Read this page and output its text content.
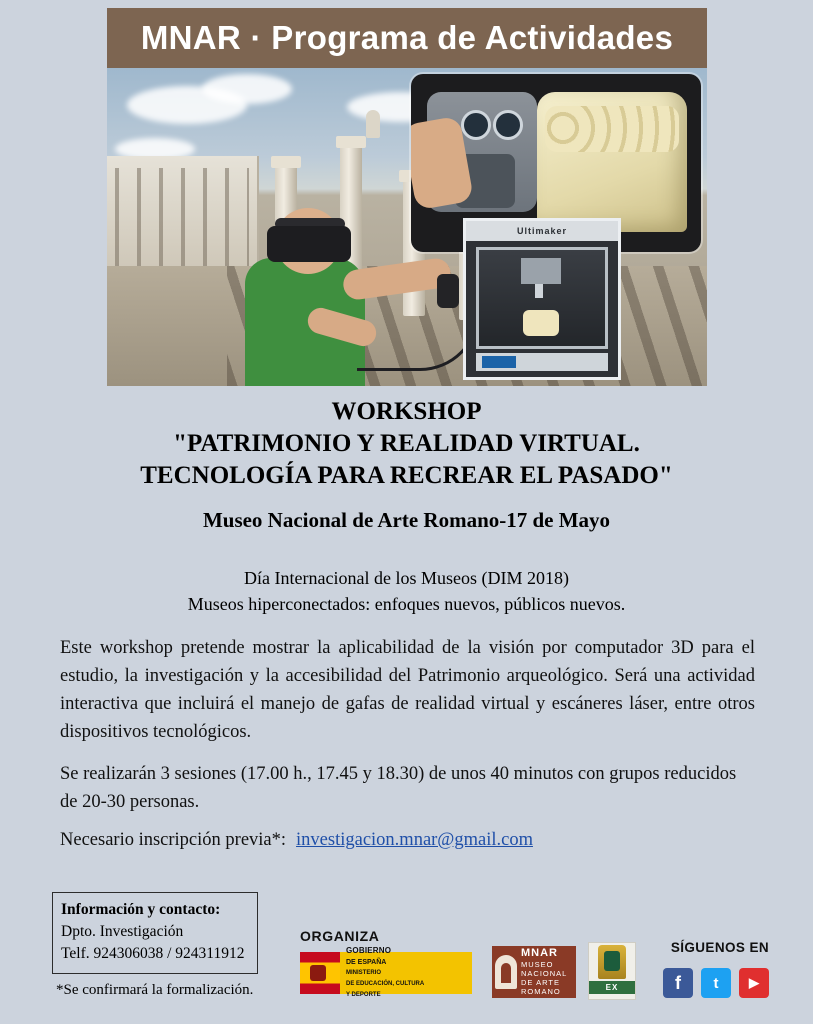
MNAR · Programa de Actividades
Ultimaker
WORKSHOP
"PATRIMONIO Y REALIDAD VIRTUAL.
TECNOLOGÍA PARA RECREAR EL PASADO"
Museo Nacional de Arte Romano-17 de Mayo
Día Internacional de los Museos (DIM 2018)
Museos hiperconectados: enfoques nuevos, públicos nuevos.
Este workshop pretende mostrar la aplicabilidad de la visión por computador 3D para el estudio, la investigación y la accesibilidad del Patrimonio arqueológico. Será una actividad interactiva que incluirá el manejo de gafas de realidad virtual y escáneres láser, entre otros dispositivos tecnológicos.
Se realizarán 3 sesiones (17.00 h., 17.45 y 18.30) de unos 40 minutos con grupos reducidos de 20-30 personas.
Necesario inscripción previa*: investigacion.mnar@gmail.com
Información y contacto:
Dpto. Investigación
Telf. 924306038 / 924311912
*Se confirmará la formalización.
ORGANIZA
GOBIERNO
DE ESPAÑA
MINISTERIO
DE EDUCACIÓN, CULTURA
Y DEPORTE
MNAR
MUSEO
NACIONAL
DE ARTE
ROMANO	EX
SÍGUENOS EN
f	t	▶
